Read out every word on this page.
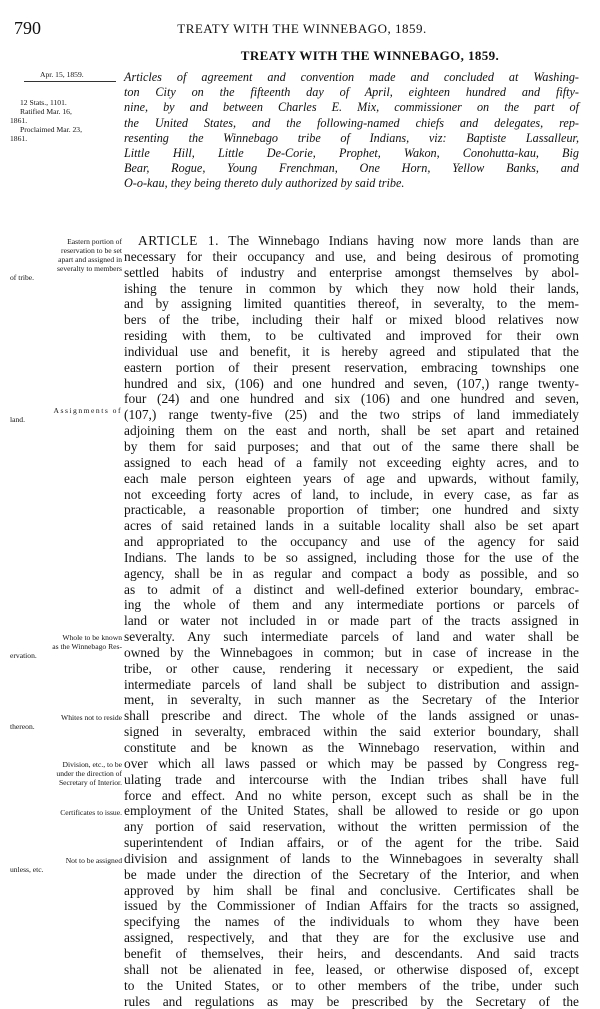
790	TREATY WITH THE WINNEBAGO, 1859.
TREATY WITH THE WINNEBAGO, 1859.
Apr. 15, 1859.
12 Stats., 1101.
Ratified Mar. 16,
1861.
Proclaimed Mar. 23,
1861.
Eastern portion of
reservation to be set
apart and assigned in
severalty to members
of tribe.
Assignments of
land.
Whole to be known
as the Winnebago Res-
ervation.
Whites not to reside
thereon.
Division, etc., to be
under the direction of
Secretary of Interior.
Certificates to issue.
Not to be assigned
unless, etc.
Articles of agreement and convention made and concluded at Washing-
ton City on the fifteenth day of April, eighteen hundred and fifty-
nine, by and between Charles E. Mix, commissioner on the part of
the United States, and the following-named chiefs and delegates, rep-
resenting the Winnebago tribe of Indians, viz: Baptiste Lassalleur,
Little Hill, Little De-Corie, Prophet, Wakon, Conohutta-kau, Big
Bear, Rogue, Young Frenchman, One Horn, Yellow Banks, and
O-o-kau, they being thereto duly authorized by said tribe.
ARTICLE 1. The Winnebago Indians having now more lands than are
necessary for their occupancy and use, and being desirous of promoting
settled habits of industry and enterprise amongst themselves by abol-
ishing the tenure in common by which they now hold their lands,
and by assigning limited quantities thereof, in severalty, to the mem-
bers of the tribe, including their half or mixed blood relatives now
residing with them, to be cultivated and improved for their own
individual use and benefit, it is hereby agreed and stipulated that the
eastern portion of their present reservation, embracing townships one
hundred and six, (106) and one hundred and seven, (107,) range twenty-
four (24) and one hundred and six (106) and one hundred and seven,
(107,) range twenty-five (25) and the two strips of land immediately
adjoining them on the east and north, shall be set apart and retained
by them for said purposes; and that out of the same there shall be
assigned to each head of a family not exceeding eighty acres, and to
each male person eighteen years of age and upwards, without family,
not exceeding forty acres of land, to include, in every case, as far as
practicable, a reasonable proportion of timber; one hundred and sixty
acres of said retained lands in a suitable locality shall also be set apart
and appropriated to the occupancy and use of the agency for said
Indians. The lands to be so assigned, including those for the use of the
agency, shall be in as regular and compact a body as possible, and so
as to admit of a distinct and well-defined exterior boundary, embrac-
ing the whole of them and any intermediate portions or parcels of
land or water not included in or made part of the tracts assigned in
severalty. Any such intermediate parcels of land and water shall be
owned by the Winnebagoes in common; but in case of increase in the
tribe, or other cause, rendering it necessary or expedient, the said
intermediate parcels of land shall be subject to distribution and assign-
ment, in severalty, in such manner as the Secretary of the Interior
shall prescribe and direct. The whole of the lands assigned or unas-
signed in severalty, embraced within the said exterior boundary, shall
constitute and be known as the Winnebago reservation, within and
over which all laws passed or which may be passed by Congress reg-
ulating trade and intercourse with the Indian tribes shall have full
force and effect. And no white person, except such as shall be in the
employment of the United States, shall be allowed to reside or go upon
any portion of said reservation, without the written permission of the
superintendent of Indian affairs, or of the agent for the tribe. Said
division and assignment of lands to the Winnebagoes in severalty shall
be made under the direction of the Secretary of the Interior, and when
approved by him shall be final and conclusive. Certificates shall be
issued by the Commissioner of Indian Affairs for the tracts so assigned,
specifying the names of the individuals to whom they have been
assigned, respectively, and that they are for the exclusive use and
benefit of themselves, their heirs, and descendants. And said tracts
shall not be alienated in fee, leased, or otherwise disposed of, except
to the United States, or to other members of the tribe, under such
rules and regulations as may be prescribed by the Secretary of the
